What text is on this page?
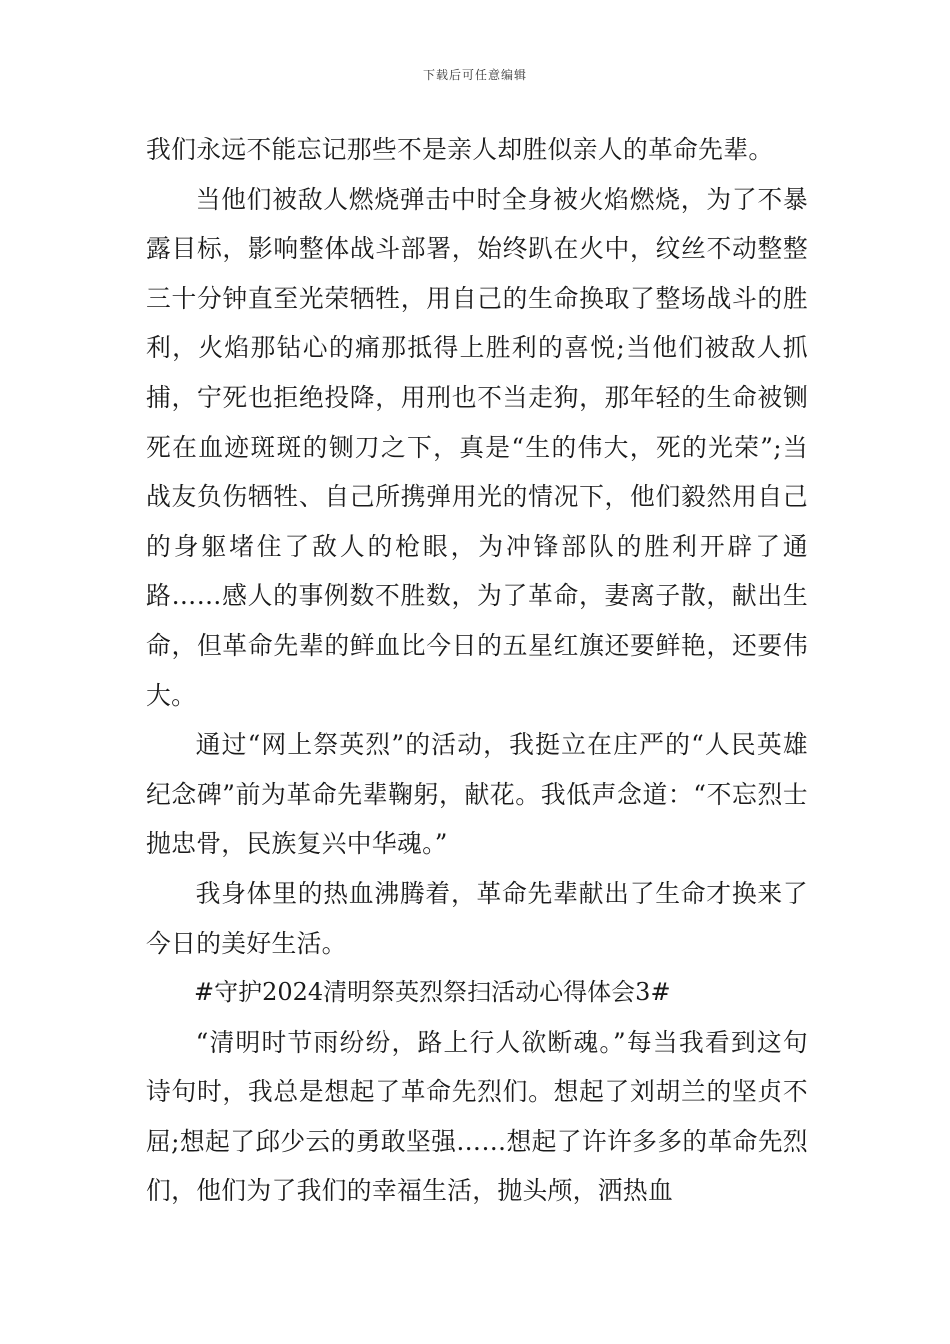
下载后可任意编辑

我们永远不能忘记那些不是亲人却胜似亲人的革命先辈。

当他们被敌人燃烧弹击中时全身被火焰燃烧，为了不暴露目标，影响整体战斗部署，始终趴在火中，纹丝不动整整三十分钟直至光荣牺牲，用自己的生命换取了整场战斗的胜利，火焰那钻心的痛那抵得上胜利的喜悦;当他们被敌人抓捕，宁死也拒绝投降，用刑也不当走狗，那年轻的生命被铡死在血迹斑斑的铡刀之下，真是“生的伟大，死的光荣”;当战友负伤牺牲、自己所携弹用光的情况下，他们毅然用自己的身躯堵住了敌人的枪眼，为冲锋部队的胜利开辟了通路……感人的事例数不胜数，为了革命，妻离子散，献出生命，但革命先辈的鲜血比今日的五星红旗还要鲜艳，还要伟大。

通过“网上祭英烈”的活动，我挺立在庄严的“人民英雄纪念碑”前为革命先辈鞠躬，献花。我低声念道：“不忘烈士抛忠骨，民族复兴中华魂。”

我身体里的热血沸腾着，革命先辈献出了生命才换来了今日的美好生活。

#守护2024清明祭英烈祭扫活动心得体会3#

“清明时节雨纷纷，路上行人欲断魂。”每当我看到这句诗句时，我总是想起了革命先烈们。想起了刘胡兰的坚贞不屈;想起了邱少云的勇敢坚强……想起了许许多多的革命先烈们，他们为了我们的幸福生活，抛头颅，洒热血
